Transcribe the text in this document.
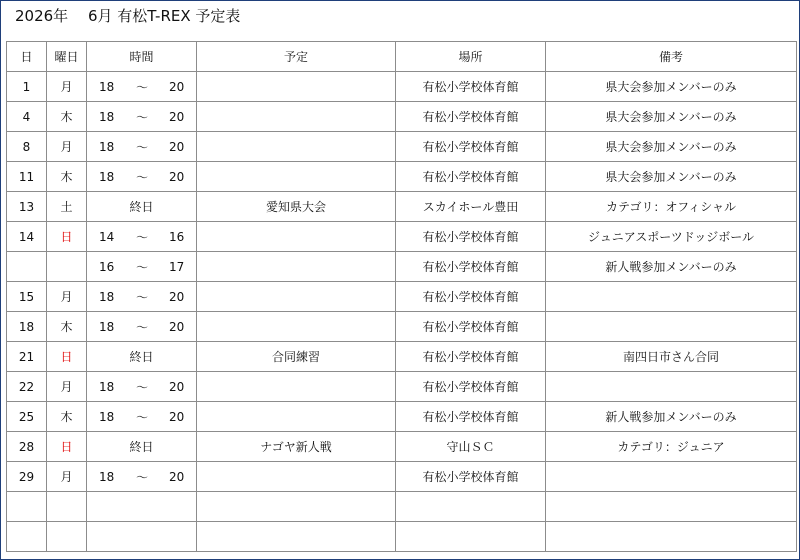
2026年　 6月 有松T-REX 予定表
日	曜日	時間	予定	場所	備考
1	月	18 ～ 20		有松小学校体育館	県大会参加メンバーのみ
4	木	18 ～ 20		有松小学校体育館	県大会参加メンバーのみ
8	月	18 ～ 20		有松小学校体育館	県大会参加メンバーのみ
11	木	18 ～ 20		有松小学校体育館	県大会参加メンバーのみ
13	土	終日	愛知県大会	スカイホール豊田	カテゴリ：オフィシャル
14	日	14 ～ 16		有松小学校体育館	ジュニアスポーツドッジボール

		16 ～ 17		有松小学校体育館	新人戦参加メンバーのみ
15	月	18 ～ 20		有松小学校体育館	
18	木	18 ～ 20		有松小学校体育館	
21	日	終日	合同練習	有松小学校体育館	南四日市さん合同
22	月	18 ～ 20		有松小学校体育館	
25	木	18 ～ 20		有松小学校体育館	新人戦参加メンバーのみ
28	日	終日	ナゴヤ新人戦	守山ＳＣ	カテゴリ：ジュニア
29	月	18 ～ 20		有松小学校体育館	
